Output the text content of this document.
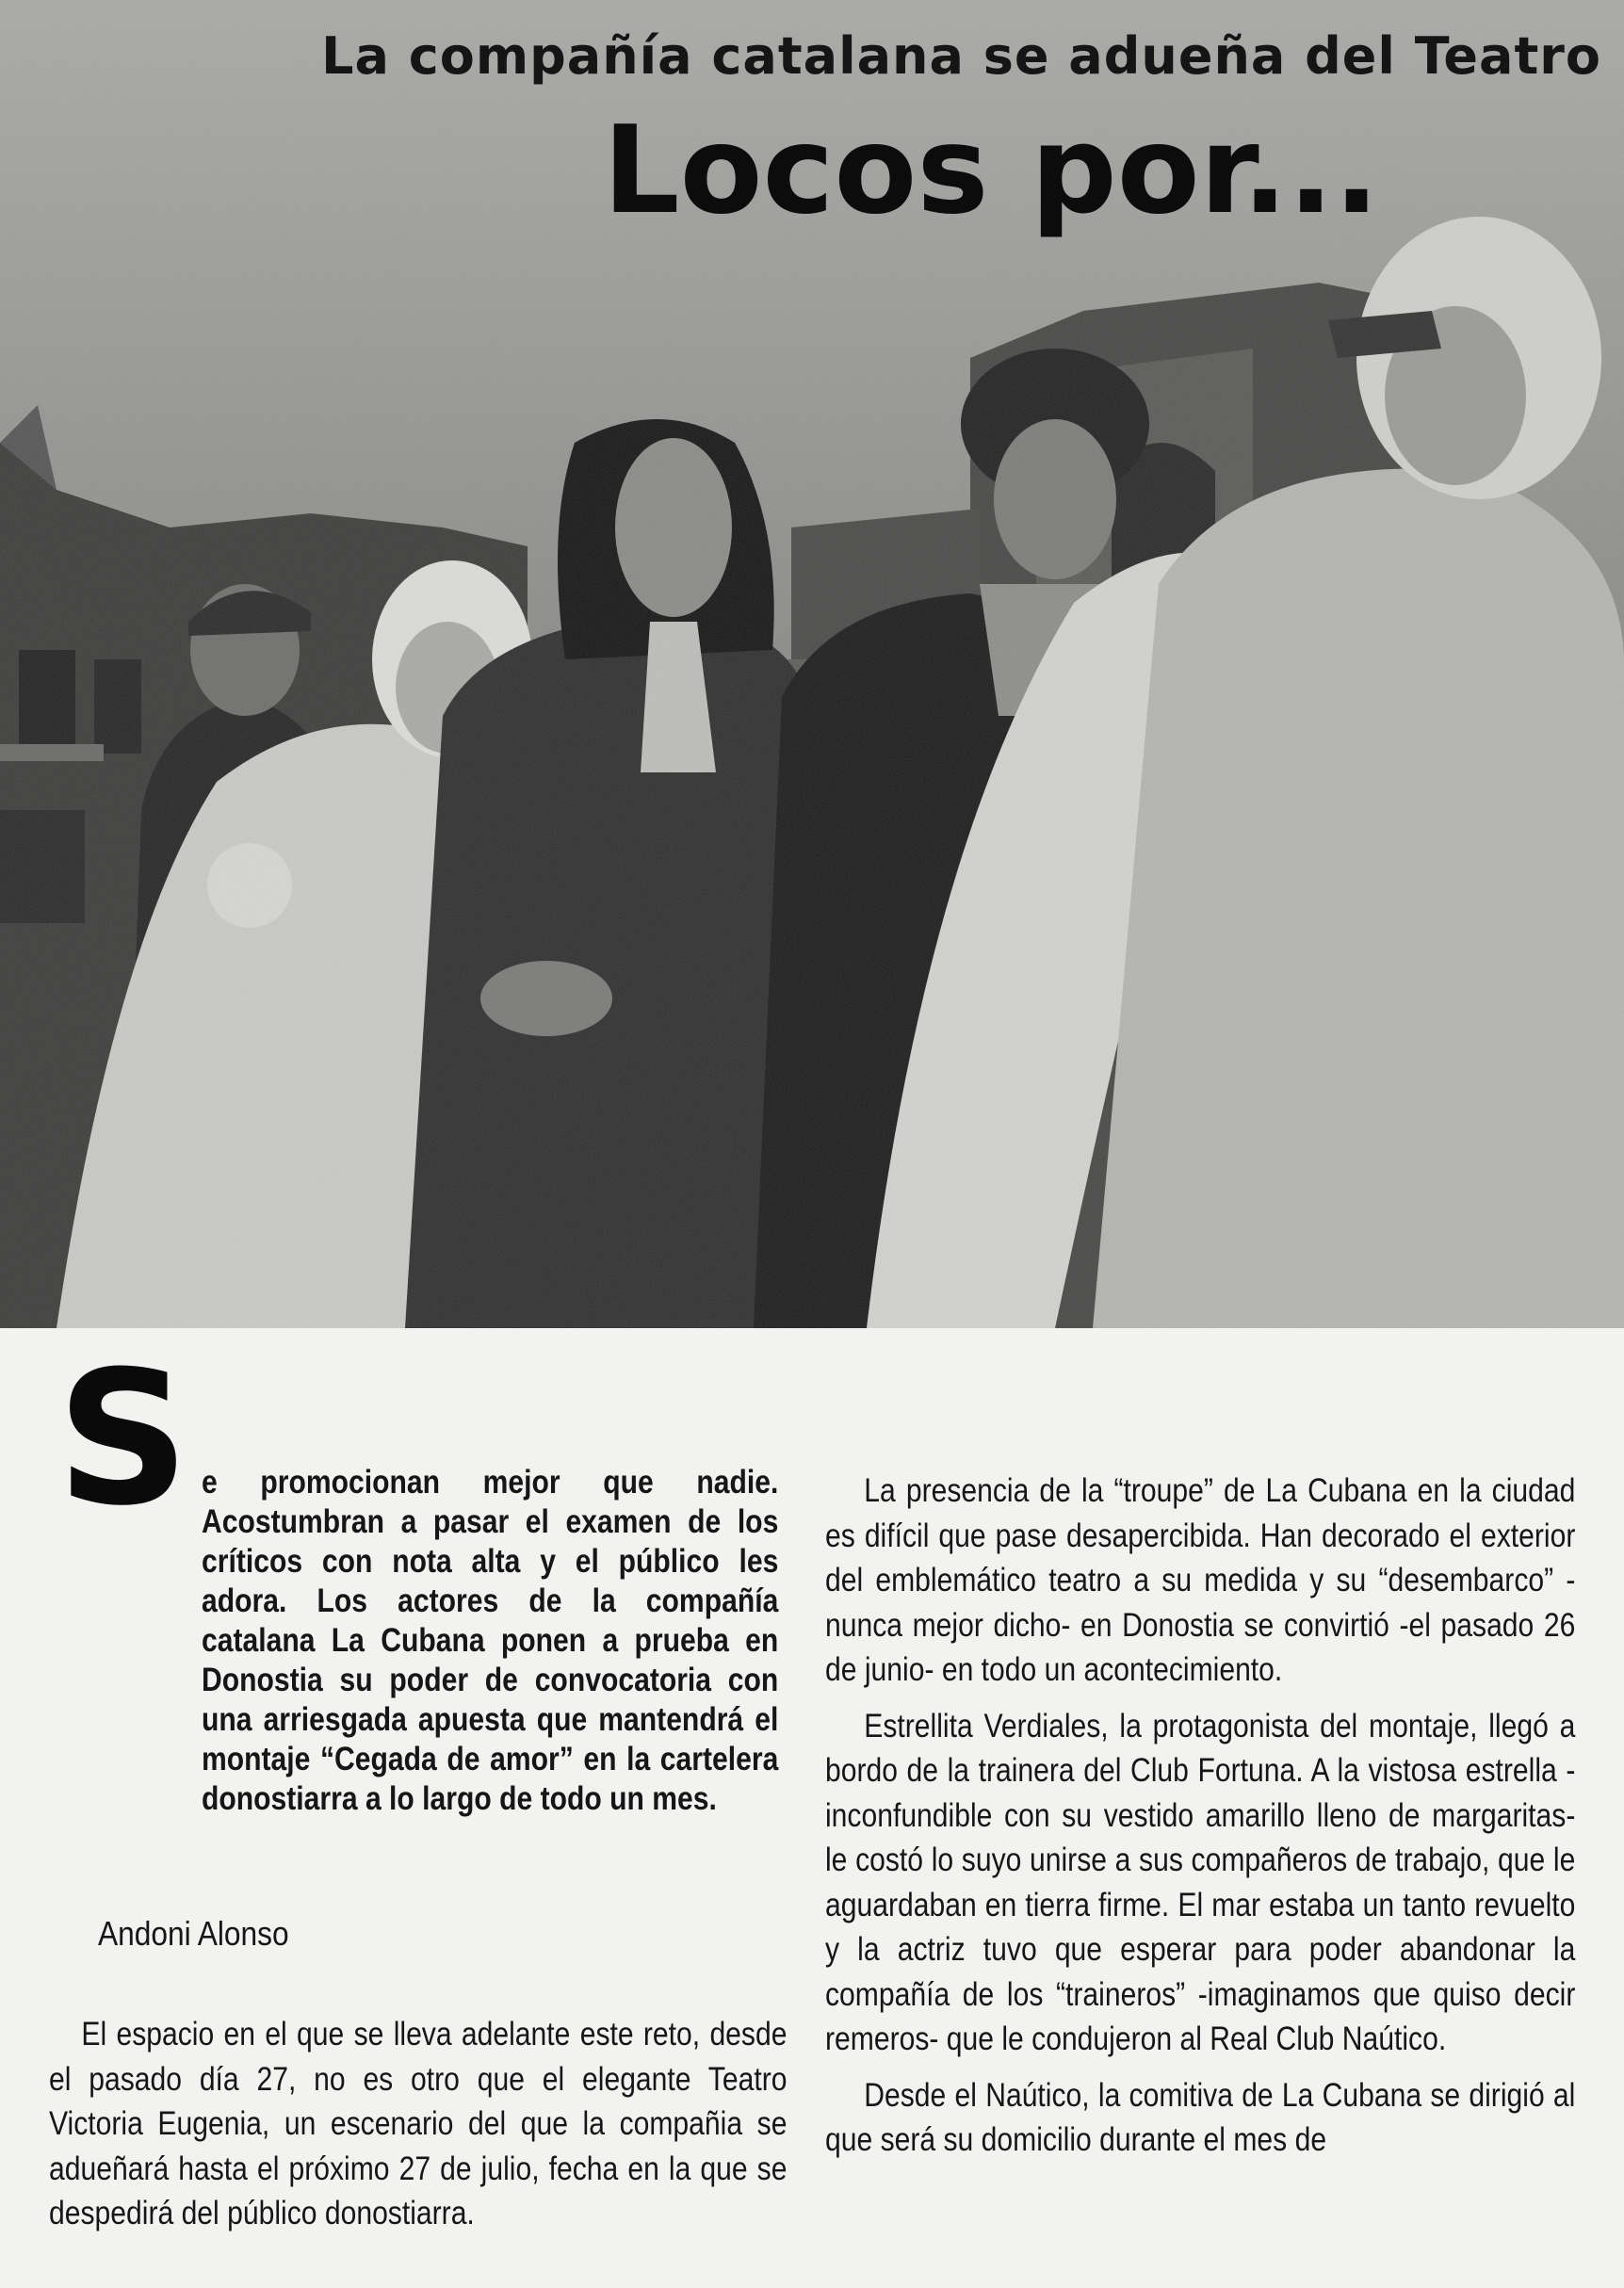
La compañía catalana se adueña del Teatro
Locos por...
S e promocionan mejor que nadie. Acostumbran a pasar el examen de los críticos con nota alta y el público les adora. Los actores de la compañía catalana La Cubana ponen a prueba en Donostia su poder de convocatoria con una arriesgada apuesta que mantendrá el montaje “Cegada de amor” en la cartelera donostiarra a lo largo de todo un mes.

Andoni Alonso

El espacio en el que se lleva adelante este reto, desde el pasado día 27, no es otro que el elegante Teatro Victoria Eugenia, un escenario del que la compañia se adueñará hasta el próximo 27 de julio, fecha en la que se despedirá del público donostiarra.
La presencia de la “troupe” de La Cubana en la ciudad es difícil que pase desapercibida. Han decorado el exterior del emblemático teatro a su medida y su “desembarco” -nunca mejor dicho- en Donostia se convirtió -el pasado 26 de junio- en todo un acontecimiento.
Estrellita Verdiales, la protagonista del montaje, llegó a bordo de la trainera del Club Fortuna. A la vistosa estrella -inconfundible con su vestido amarillo lleno de margaritas- le costó lo suyo unirse a sus compañeros de trabajo, que le aguardaban en tierra firme. El mar estaba un tanto revuelto y la actriz tuvo que esperar para poder abandonar la compañía de los “traineros” -imaginamos que quiso decir remeros- que le condujeron al Real Club Naútico.
Desde el Naútico, la comitiva de La Cubana se dirigió al que será su domicilio durante el mes de
